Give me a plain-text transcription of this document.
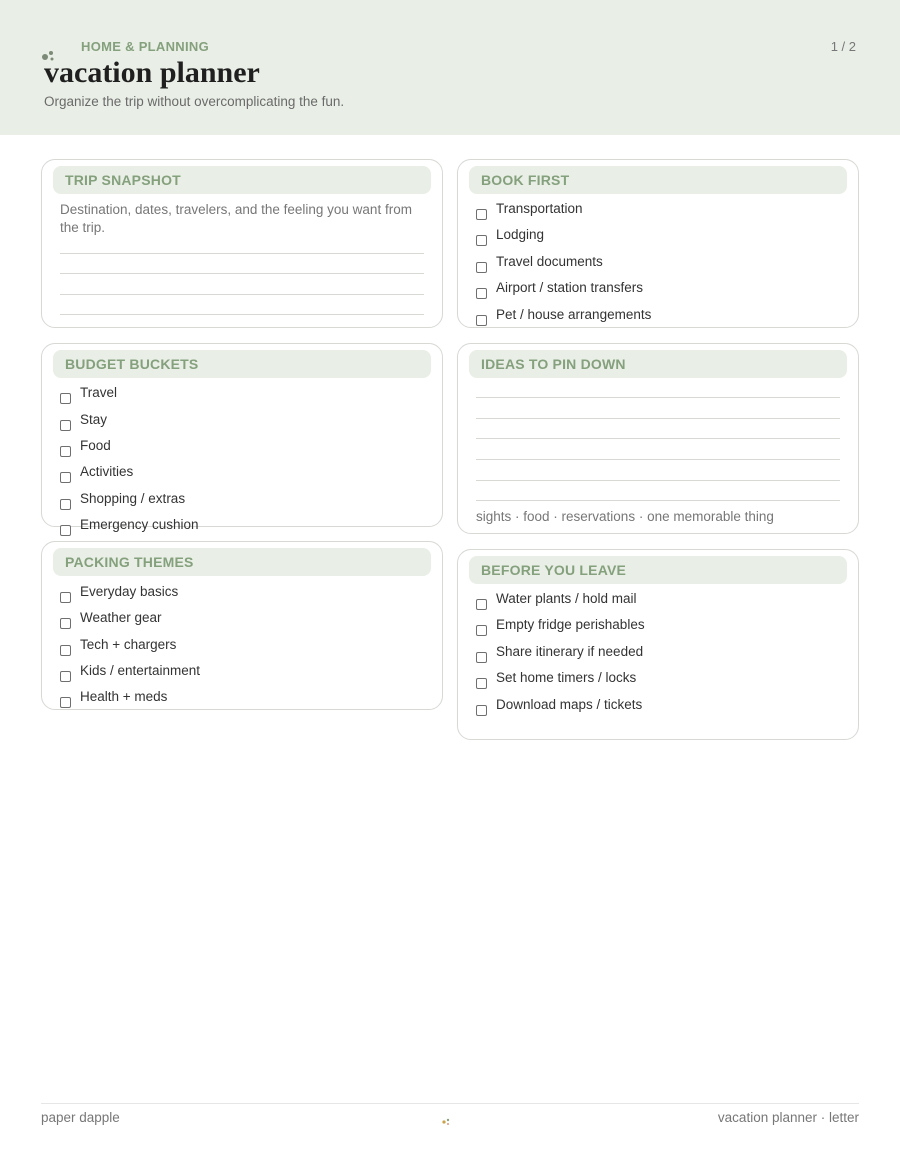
HOME & PLANNING	1 / 2
vacation planner
Organize the trip without overcomplicating the fun.
TRIP SNAPSHOT
Destination, dates, travelers, and the feeling you want from the trip.
BOOK FIRST
Transportation
Lodging
Travel documents
Airport / station transfers
Pet / house arrangements
BUDGET BUCKETS
Travel
Stay
Food
Activities
Shopping / extras
Emergency cushion
IDEAS TO PIN DOWN
sights · food · reservations · one memorable thing
PACKING THEMES
Everyday basics
Weather gear
Tech + chargers
Kids / entertainment
Health + meds
BEFORE YOU LEAVE
Water plants / hold mail
Empty fridge perishables
Share itinerary if needed
Set home timers / locks
Download maps / tickets
paper dapple	vacation planner · letter
